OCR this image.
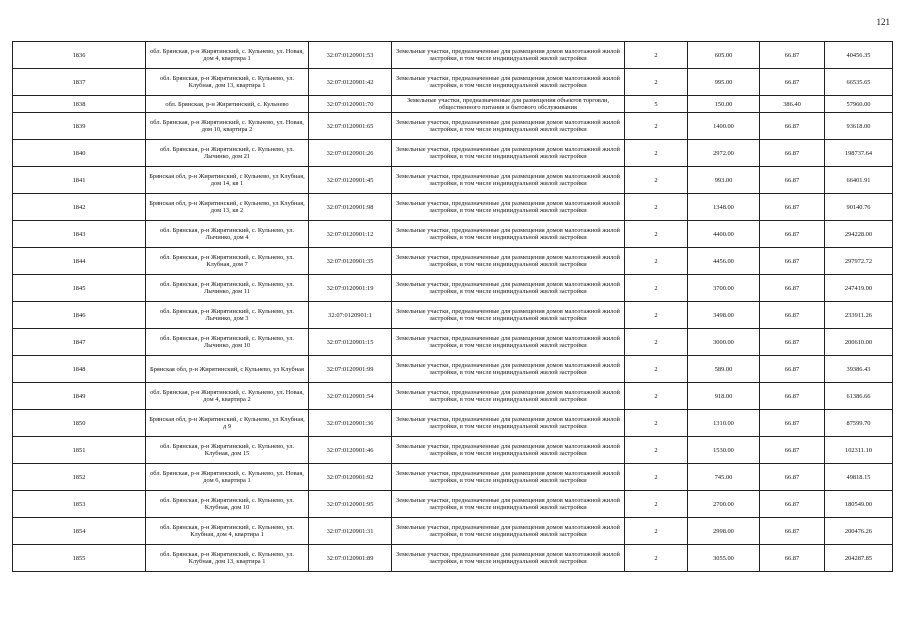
121
1836	обл. Брянская, р-н Жирятинский, с. Кульнево, ул. Новая, дом 4, квартира 1	32:07:0120901:53	Земельные участки, предназначенные для размещения домов малоэтажной жилой застройки, в том числе индивидуальной жилой застройки	2	605.00	66.87	40456.35
1837	обл. Брянская, р-н Жирятинский, с. Кульнево, ул. Клубная, дом 13, квартира 1	32:07:0120901:42	Земельные участки, предназначенные для размещения домов малоэтажной жилой застройки, в том числе индивидуальной жилой застройки	2	995.00	66.87	66535.65
1838	обл. Брянская, р-н Жирятинский, с. Кульнево	32:07:0120901:70	Земельные участки, предназначенные для размещения объектов торговли, общественного питания и бытового обслуживания	5	150.00	386.40	57960.00
1839	обл. Брянская, р-н Жирятинский, с. Кульнево, ул. Новая, дом 10, квартира 2	32:07:0120901:65	Земельные участки, предназначенные для размещения домов малоэтажной жилой застройки, в том числе индивидуальной жилой застройки	2	1400.00	66.87	93618.00
1840	обл. Брянская, р-н Жирятинский, с. Кульнево, ул. Лычинко, дом 21	32:07:0120901:26	Земельные участки, предназначенные для размещения домов малоэтажной жилой застройки, в том числе индивидуальной жилой застройки	2	2972.00	66.87	198737.64
1841	Брянская обл, р-н Жирятинский, с Кульнево, ул Клубная, дом 14, кв 1	32:07:0120901:45	Земельные участки, предназначенные для размещения домов малоэтажной жилой застройки, в том числе индивидуальной жилой застройки	2	993.00	66.87	66401.91
1842	Брянская обл, р-н Жирятинский, с Кульнево, ул Клубная, дом 13, кв 2	32:07:0120901:98	Земельные участки, предназначенные для размещения домов малоэтажной жилой застройки, в том числе индивидуальной жилой застройки	2	1348.00	66.87	90140.76
1843	обл. Брянская, р-н Жирятинский, с. Кульнево, ул. Лычинко, дом 4	32:07:0120901:12	Земельные участки, предназначенные для размещения домов малоэтажной жилой застройки, в том числе индивидуальной жилой застройки	2	4400.00	66.87	294228.00
1844	обл. Брянская, р-н Жирятинский, с. Кульнево, ул. Клубная, дом 7	32:07:0120901:35	Земельные участки, предназначенные для размещения домов малоэтажной жилой застройки, в том числе индивидуальной жилой застройки	2	4456.00	66.87	297972.72
1845	обл. Брянская, р-н Жирятинский, с. Кульнево, ул. Лычинко, дом 11	32:07:0120901:19	Земельные участки, предназначенные для размещения домов малоэтажной жилой застройки, в том числе индивидуальной жилой застройки	2	3700.00	66.87	247419.00
1846	обл. Брянская, р-н Жирятинский, с. Кульнево, ул. Лычинко, дом 3	32:07:0120901:1	Земельные участки, предназначенные для размещения домов малоэтажной жилой застройки, в том числе индивидуальной жилой застройки	2	3498.00	66.87	233911.26
1847	обл. Брянская, р-н Жирятинский, с. Кульнево, ул. Лычинко, дом 10	32:07:0120901:15	Земельные участки, предназначенные для размещения домов малоэтажной жилой застройки, в том числе индивидуальной жилой застройки	2	3000.00	66.87	200610.00
1848	Брянская обл, р-н Жирятинский, с Кульнево, ул Клубная	32:07:0120901:99	Земельные участки, предназначенные для размещения домов малоэтажной жилой застройки, в том числе индивидуальной жилой застройки	2	589.00	66.87	39386.43
1849	обл. Брянская, р-н Жирятинский, с. Кульнево, ул. Новая, дом 4, квартира 2	32:07:0120901:54	Земельные участки, предназначенные для размещения домов малоэтажной жилой застройки, в том числе индивидуальной жилой застройки	2	918.00	66.87	61386.66
1850	Брянская обл, р-н Жирятинский, с Кульнево, ул Клубная, д 9	32:07:0120901:36	Земельные участки, предназначенные для размещения домов малоэтажной жилой застройки, в том числе индивидуальной жилой застройки	2	1310.00	66.87	87599.70
1851	обл. Брянская, р-н Жирятинский, с. Кульнево, ул. Клубная, дом 15	32:07:0120901:46	Земельные участки, предназначенные для размещения домов малоэтажной жилой застройки, в том числе индивидуальной жилой застройки	2	1530.00	66.87	102311.10
1852	обл. Брянская, р-н Жирятинский, с. Кульнево, ул. Новая, дом 6, квартира 1	32:07:0120901:92	Земельные участки, предназначенные для размещения домов малоэтажной жилой застройки, в том числе индивидуальной жилой застройки	2	745.00	66.87	49818.15
1853	обл. Брянская, р-н Жирятинский, с. Кульнево, ул. Клубная, дом 10	32:07:0120901:95	Земельные участки, предназначенные для размещения домов малоэтажной жилой застройки, в том числе индивидуальной жилой застройки	2	2700.00	66.87	180549.00
1854	обл. Брянская, р-н Жирятинский, с. Кульнево, ул. Клубная, дом 4, квартира 1	32:07:0120901:31	Земельные участки, предназначенные для размещения домов малоэтажной жилой застройки, в том числе индивидуальной жилой застройки	2	2998.00	66.87	200476.26
1855	обл. Брянская, р-н Жирятинский, с. Кульнево, ул. Клубная, дом 13, квартира 1	32:07:0120901:89	Земельные участки, предназначенные для размещения домов малоэтажной жилой застройки, в том числе индивидуальной жилой застройки	2	3055.00	66.87	204287.85
